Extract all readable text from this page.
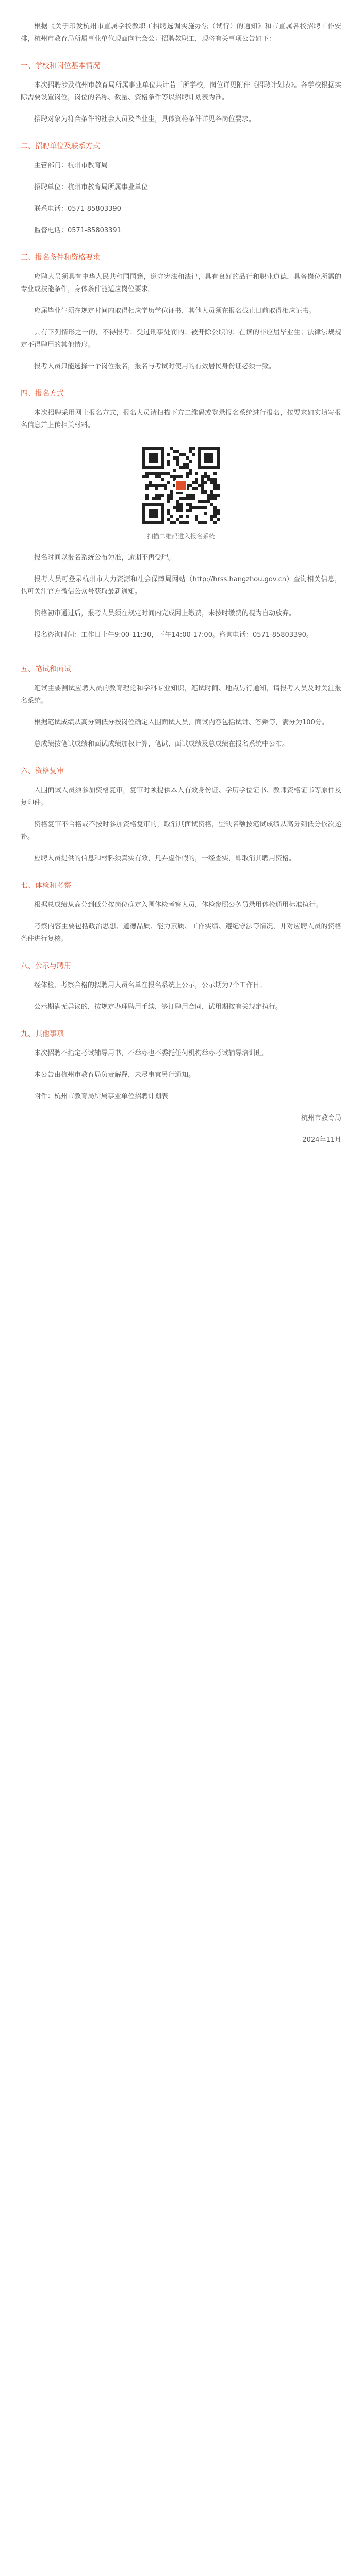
根据《关于印发杭州市直属学校教职工招聘选调实施办法（试行）的通知》和市直属各校招聘工作安排，杭州市教育局所属事业单位现面向社会公开招聘教职工，现将有关事项公告如下：

一、学校和岗位基本情况

本次招聘涉及杭州市教育局所属事业单位共计若干所学校，岗位详见附件《招聘计划表》。各学校根据实际需要设置岗位，岗位的名称、数量、资格条件等以招聘计划表为准。

招聘对象为符合条件的社会人员及毕业生，具体资格条件详见各岗位要求。

二、招聘单位及联系方式

主管部门：杭州市教育局

招聘单位：杭州市教育局所属事业单位

联系电话：0571-85803390

监督电话：0571-85803391

三、报名条件和资格要求

应聘人员须具有中华人民共和国国籍，遵守宪法和法律，具有良好的品行和职业道德，具备岗位所需的专业或技能条件，身体条件能适应岗位要求。

应届毕业生须在规定时间内取得相应学历学位证书，其他人员须在报名截止日前取得相应证书。

具有下列情形之一的，不得报考：受过刑事处罚的；被开除公职的；在读的非应届毕业生；法律法规规定不得聘用的其他情形。

报考人员只能选择一个岗位报名，报名与考试时使用的有效居民身份证必须一致。

四、报名方式

本次招聘采用网上报名方式，报名人员请扫描下方二维码或登录报名系统进行报名，按要求如实填写报名信息并上传相关材料。

扫描二维码进入报名系统

报名时间以报名系统公布为准，逾期不再受理。

报考人员可登录杭州市人力资源和社会保障局网站（http://hrss.hangzhou.gov.cn）查询相关信息，也可关注官方微信公众号获取最新通知。

资格初审通过后，报考人员须在规定时间内完成网上缴费，未按时缴费的视为自动放弃。

报名咨询时间：工作日上午9:00-11:30，下午14:00-17:00。咨询电话：0571-85803390。

五、笔试和面试

笔试主要测试应聘人员的教育理论和学科专业知识，笔试时间、地点另行通知，请报考人员及时关注报名系统。

根据笔试成绩从高分到低分按岗位确定入围面试人员，面试内容包括试讲、答辩等，满分为100分。

总成绩按笔试成绩和面试成绩加权计算，笔试、面试成绩及总成绩在报名系统中公布。

六、资格复审

入围面试人员须参加资格复审，复审时须提供本人有效身份证、学历学位证书、教师资格证书等原件及复印件。

资格复审不合格或不按时参加资格复审的，取消其面试资格，空缺名额按笔试成绩从高分到低分依次递补。

应聘人员提供的信息和材料须真实有效，凡弄虚作假的，一经查实，即取消其聘用资格。

七、体检和考察

根据总成绩从高分到低分按岗位确定入围体检考察人员，体检参照公务员录用体检通用标准执行。

考察内容主要包括政治思想、道德品质、能力素质、工作实绩、遵纪守法等情况，并对应聘人员的资格条件进行复核。

八、公示与聘用

经体检、考察合格的拟聘用人员名单在报名系统上公示，公示期为7个工作日。

公示期满无异议的，按规定办理聘用手续，签订聘用合同，试用期按有关规定执行。

九、其他事项

本次招聘不指定考试辅导用书，不举办也不委托任何机构举办考试辅导培训班。

本公告由杭州市教育局负责解释，未尽事宜另行通知。

附件：杭州市教育局所属事业单位招聘计划表

杭州市教育局

2024年11月
